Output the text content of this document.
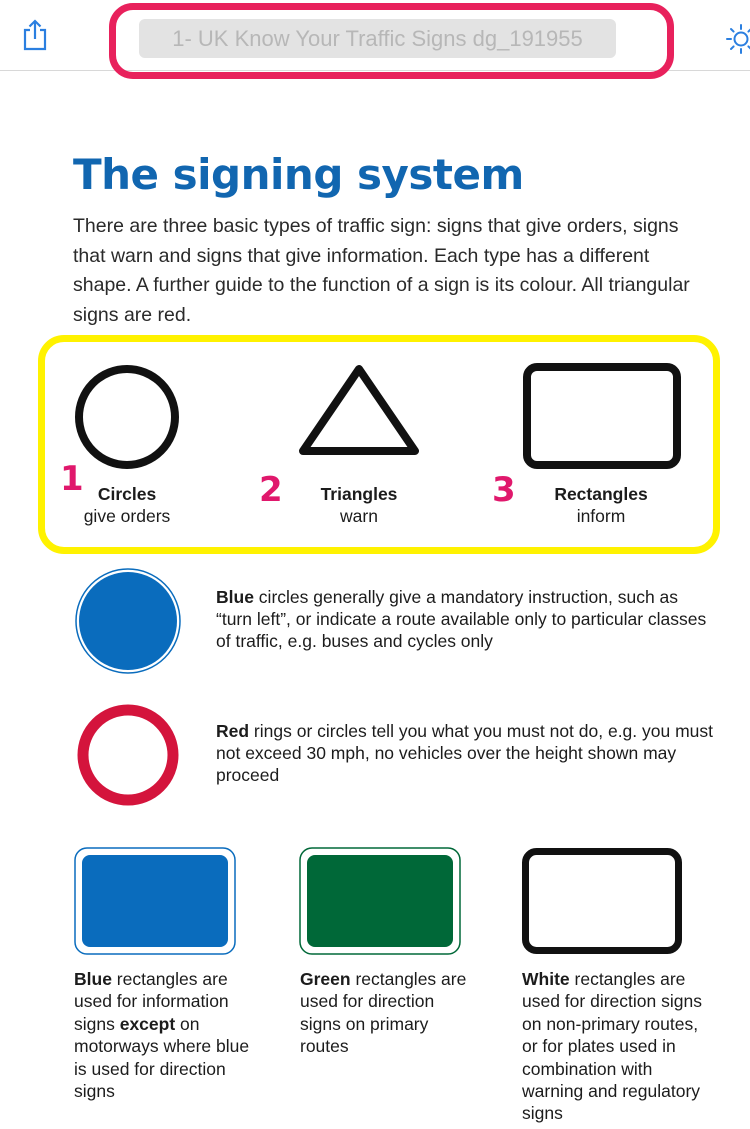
1- UK Know Your Traffic Signs dg_191955
The signing system

There are three basic types of traffic sign: signs that give orders, signs that warn and signs that give information. Each type has a different shape. A further guide to the function of a sign is its colour. All triangular signs are red.

1	2	3
Circles
give orders
Triangles
warn
Rectangles
inform

Blue circles generally give a mandatory instruction, such as “turn left”, or indicate a route available only to particular classes of traffic, e.g. buses and cycles only

Red rings or circles tell you what you must not do, e.g. you must not exceed 30 mph, no vehicles over the height shown may proceed

Blue rectangles are used for information signs except on motorways where blue is used for direction signs

Green rectangles are used for direction signs on primary routes

White rectangles are used for direction signs on non-primary routes, or for plates used in combination with warning and regulatory signs
